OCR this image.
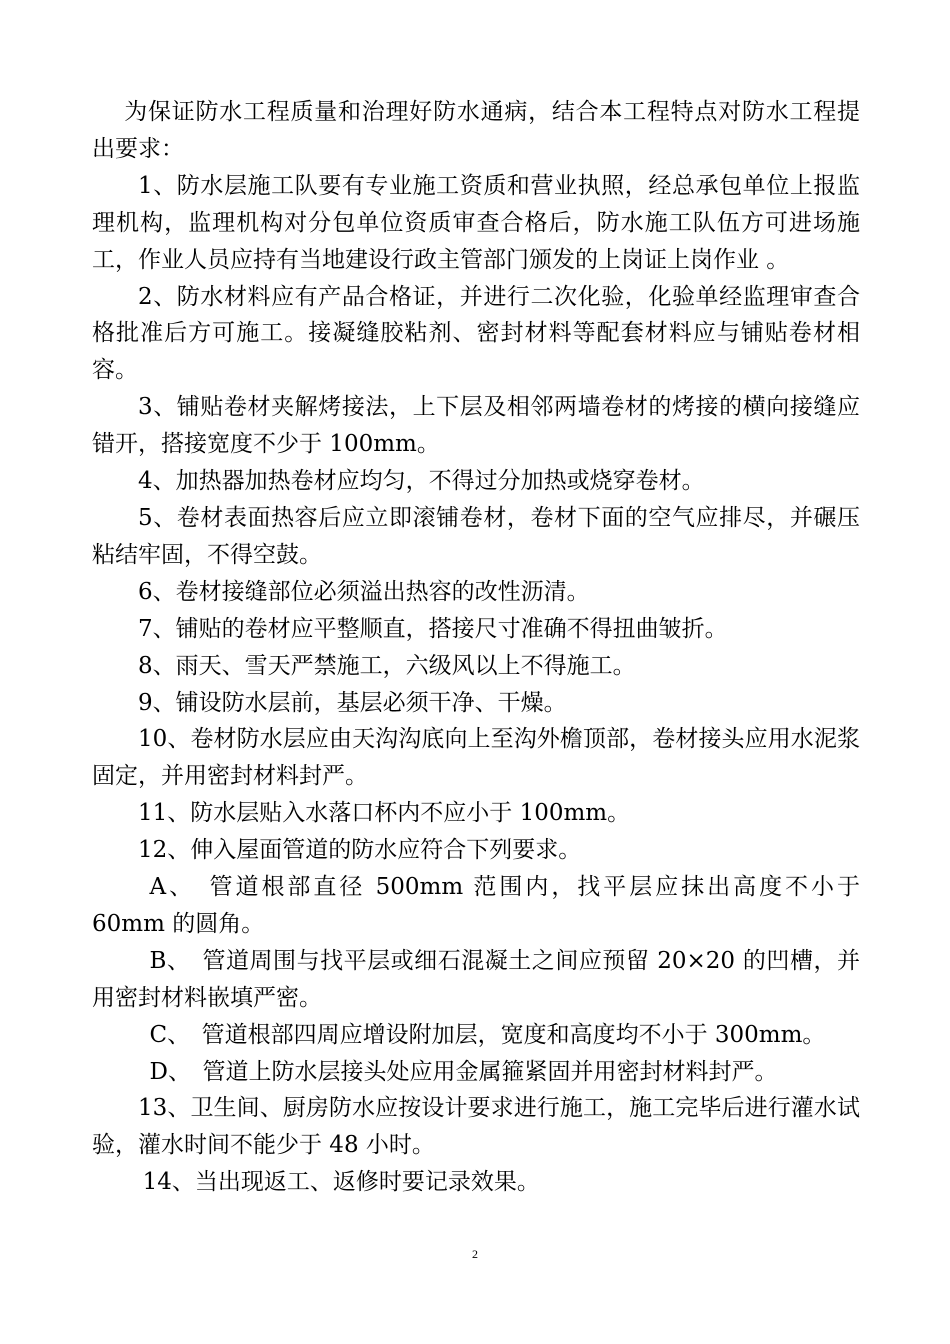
为保证防水工程质量和治理好防水通病，结合本工程特点对防水工程提出要求：

1、防水层施工队要有专业施工资质和营业执照，经总承包单位上报监理机构，监理机构对分包单位资质审查合格后，防水施工队伍方可进场施工，作业人员应持有当地建设行政主管部门颁发的上岗证上岗作业 。

2、防水材料应有产品合格证，并进行二次化验，化验单经监理审查合格批准后方可施工。接凝缝胶粘剂、密封材料等配套材料应与铺贴卷材相容。

3、铺贴卷材夹解烤接法，上下层及相邻两墙卷材的烤接的横向接缝应错开，搭接宽度不少于 100mm。

4、加热器加热卷材应均匀，不得过分加热或烧穿卷材。

5、卷材表面热容后应立即滚铺卷材，卷材下面的空气应排尽，并碾压粘结牢固，不得空鼓。

6、卷材接缝部位必须溢出热容的改性沥清。

7、铺贴的卷材应平整顺直，搭接尺寸准确不得扭曲皱折。

8、雨天、雪天严禁施工，六级风以上不得施工。

9、铺设防水层前，基层必须干净、干燥。

10、卷材防水层应由天沟沟底向上至沟外檐顶部，卷材接头应用水泥浆固定，并用密封材料封严。

11、防水层贴入水落口杯内不应小于 100mm。

12、伸入屋面管道的防水应符合下列要求。

A、　管道根部直径 500mm 范围内，找平层应抹出高度不小于 60mm 的圆角。

B、　管道周围与找平层或细石混凝土之间应预留 20×20 的凹槽，并用密封材料嵌填严密。

C、　管道根部四周应增设附加层，宽度和高度均不小于 300mm。

D、　管道上防水层接头处应用金属箍紧固并用密封材料封严。

13、卫生间、厨房防水应按设计要求进行施工，施工完毕后进行灌水试验，灌水时间不能少于 48 小时。

14、当出现返工、返修时要记录效果。

2
